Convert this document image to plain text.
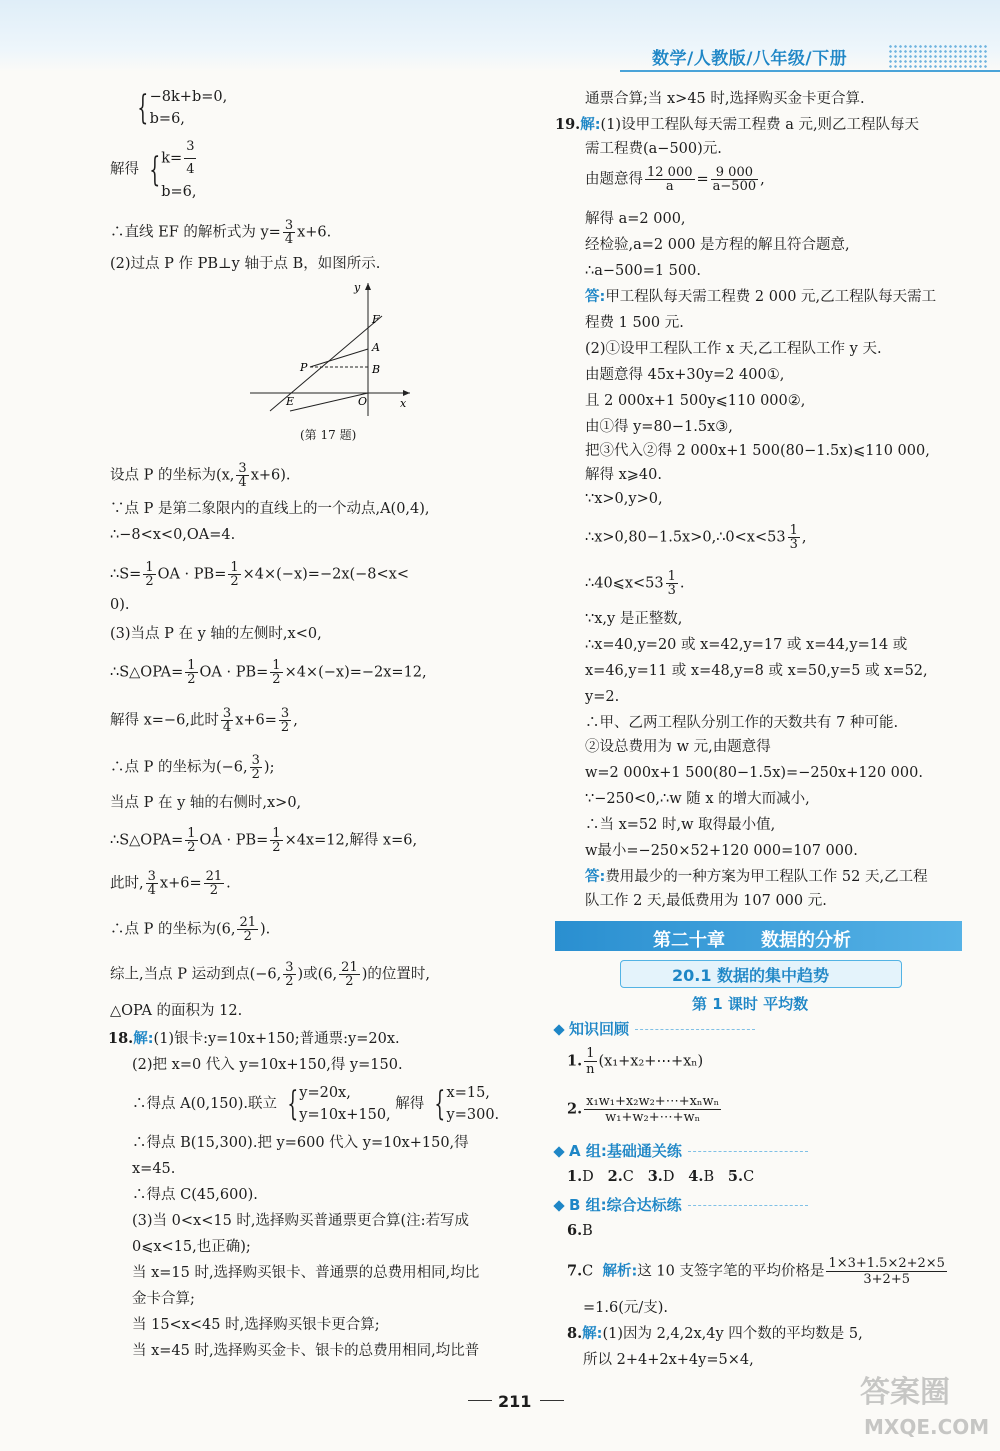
数学/人教版/八年级/下册
{−8k+b=0,
b=6,
解得 {$k= \frac{3}{4}$

b=6,
∴直线 EF 的解析式为 $y= \frac{3}{4} x+6$.
(2)过点 P 作 PB⊥y 轴于点 B，如图所示.
设点 P 的坐标为(x, $\frac{3}{4} x+6$).
∵点 P 是第二象限内的直线上的一个动点,A(0,4),
∴−8<x<0,OA=4.
∴S= $\frac{1}{2}$ OA · $PB= \frac{1}{2} \times 4\times(-x)=-2x(-8<x<$
0).
(3)当点 P 在 y 轴的左侧时,x<0,
∴S△OPA= $\frac{1}{2}$ OA · $PB= \frac{1}{2} \times 4\times(-x)=-2x=12$,
解得 x=−6,此时 $\frac{3}{4} x+6= \frac{3}{2}$ ,
∴点 P 的坐标为(−6, $\frac{3}{2}$ );
当点 P 在 y 轴的右侧时,x>0,
∴S△OPA= $\frac{1}{2}$ OA · $PB= \frac{1}{2} \times 4x=12$,解得 x=6,
此时, $\frac{3}{4} x+6= \frac{21}{2}$ .
∴点 P 的坐标为(6, $\frac{21}{2}$ ).
综上,当点 P 运动到点(−6, $\frac{3}{2}$ )或(6, $\frac{21}{2}$ )的位置时,
△OPA 的面积为 12.
18.解:(1)银卡:y=10x+150;普通票:y=20x.
(2)把 x=0 代入 y=10x+150,得 y=150.
∴得点 A(0,150).联立 {y=20x,
y=10x+150, 解得 {x=15,
y=300.
∴得点 B(15,300).把 y=600 代入 y=10x+150,得
x=45.
∴得点 C(45,600).
(3)当 0<x<15 时,选择购买普通票更合算(注:若写成
0⩽x<15,也正确);
当 x=15 时,选择购买银卡、普通票的总费用相同,均比
金卡合算;
当 15<x<45 时,选择购买银卡更合算;
当 x=45 时,选择购买金卡、银卡的总费用相同,均比普
y
F
A
P	B
E	O	x
(第 17 题)
通票合算;当 x>45 时,选择购买金卡更合算.
19.解:(1)设甲工程队每天需工程费 a 元,则乙工程队每天
需工程费(a−500)元.
由题意得 $\frac{12 000}{a} = \frac{9 000}{a-500}$ ,
解得 a=2 000,
经检验,a=2 000 是方程的解且符合题意,
∴a−500=1 500.
答:甲工程队每天需工程费 2 000 元,乙工程队每天需工
程费 1 500 元.
(2)①设甲工程队工作 x 天,乙工程队工作 y 天.
由题意得 45x+30y=2 400①,
且 2 000x+1 500y⩽110 000②,
由①得 y=80−1.5x③,
把③代入②得 2 000x+1 500(80−1.5x)⩽110 000,
解得 x⩾40.
∵x>0,y>0,
∴x>0,80−1.5x>0,∴0<x<53 $\frac{1}{3}$ ,
∴40⩽x<53 $\frac{1}{3}$ .
∵x,y 是正整数,
∴x=40,y=20 或 x=42,y=17 或 x=44,y=14 或
x=46,y=11 或 x=48,y=8 或 x=50,y=5 或 x=52,
y=2.
∴甲、乙两工程队分别工作的天数共有 7 种可能.
②设总费用为 w 元,由题意得
w=2 000x+1 500(80−1.5x)=−250x+120 000.
∵−250<0,∴w 随 x 的增大而减小,
∴当 x=52 时,w 取得最小值,
w最小=−250×52+120 000=107 000.
答:费用最少的一种方案为甲工程队工作 52 天,乙工程
队工作 2 天,最低费用为 107 000 元.
第二十章 数据的分析
20.1 数据的集中趋势
第 1 课时 平均数
知识回顾
1. $\frac{1}{n}$ (x₁+x₂+⋯+xₙ)
2. $\frac{\text{x₁w₁+x₂w₂+⋯+xₙwₙ}}{\text{w₁+w₂+⋯+wₙ}}$
A 组:基础通关练
1.D 2.C 3.D 4.B 5.C
B 组:综合达标练
6.B
7.C 解析:这 10 支签字笔的平均价格是 $\frac{1\times 3+1.5\times 2+2\times 5}{3+2+5}$
=1.6(元/支).
8.解:(1)因为 2,4,2x,4y 四个数的平均数是 5,
所以 2+4+2x+4y=5×4,
211	答案圈
MXQE.COM
